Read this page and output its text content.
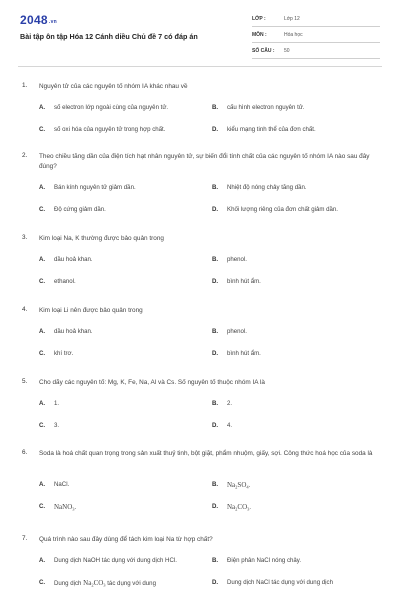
2048.vn
Bài tập ôn tập Hóa 12 Cánh diều Chủ đề 7 có đáp án
LỚP :	Lớp 12
MÔN :	Hóa học
SỐ CÂU : 50
1. Nguyên tử của các nguyên tố nhóm IA khác nhau về
A. số electron lớp ngoài cùng của nguyên tử.	B. cấu hình electron nguyên tử.
C. số oxi hóa của nguyên tử trong hợp chất.	D. kiểu mạng tinh thể của đơn chất.
2. Theo chiều tăng dần của điện tích hạt nhân nguyên tử, sự biến đổi tính chất của các nguyên tố nhóm IA nào sau đây đúng?
A. Bán kính nguyên tử giảm dần.	B. Nhiệt độ nóng chảy tăng dần.
C. Độ cứng giảm dần.	D. Khối lượng riêng của đơn chất giảm dần.
3. Kim loại Na, K thường được bảo quản trong
A. dầu hoả khan.	B. phenol.
C. ethanol.	D. bình hút ẩm.
4. Kim loại Li nên được bảo quản trong
A. dầu hoả khan.	B. phenol.
C. khí trơ.	D. bình hút ẩm.
5. Cho dãy các nguyên tố: Mg, K, Fe, Na, Al và Cs. Số nguyên tố thuộc nhóm IA là
A. 1.	B. 2.
C. 3.	D. 4.
6. Soda là hoá chất quan trọng trong sản xuất thuỷ tinh, bột giặt, phẩm nhuộm, giấy, sợi. Công thức hoá học của soda là
A. NaCl.	B. $Na_2SO_4$.
C. NaNO$_3$.	D. $Na_2CO_3$.
7. Quá trình nào sau đây dùng để tách kim loại Na từ hợp chất?
A. Dung dịch NaOH tác dụng với dung dịch HCl.	B. Điện phân NaCl nóng chảy.
C. Dung dịch $Na_2CO_3$ tác dụng với dung	D. Dung dịch NaCl tác dụng với dung dịch
